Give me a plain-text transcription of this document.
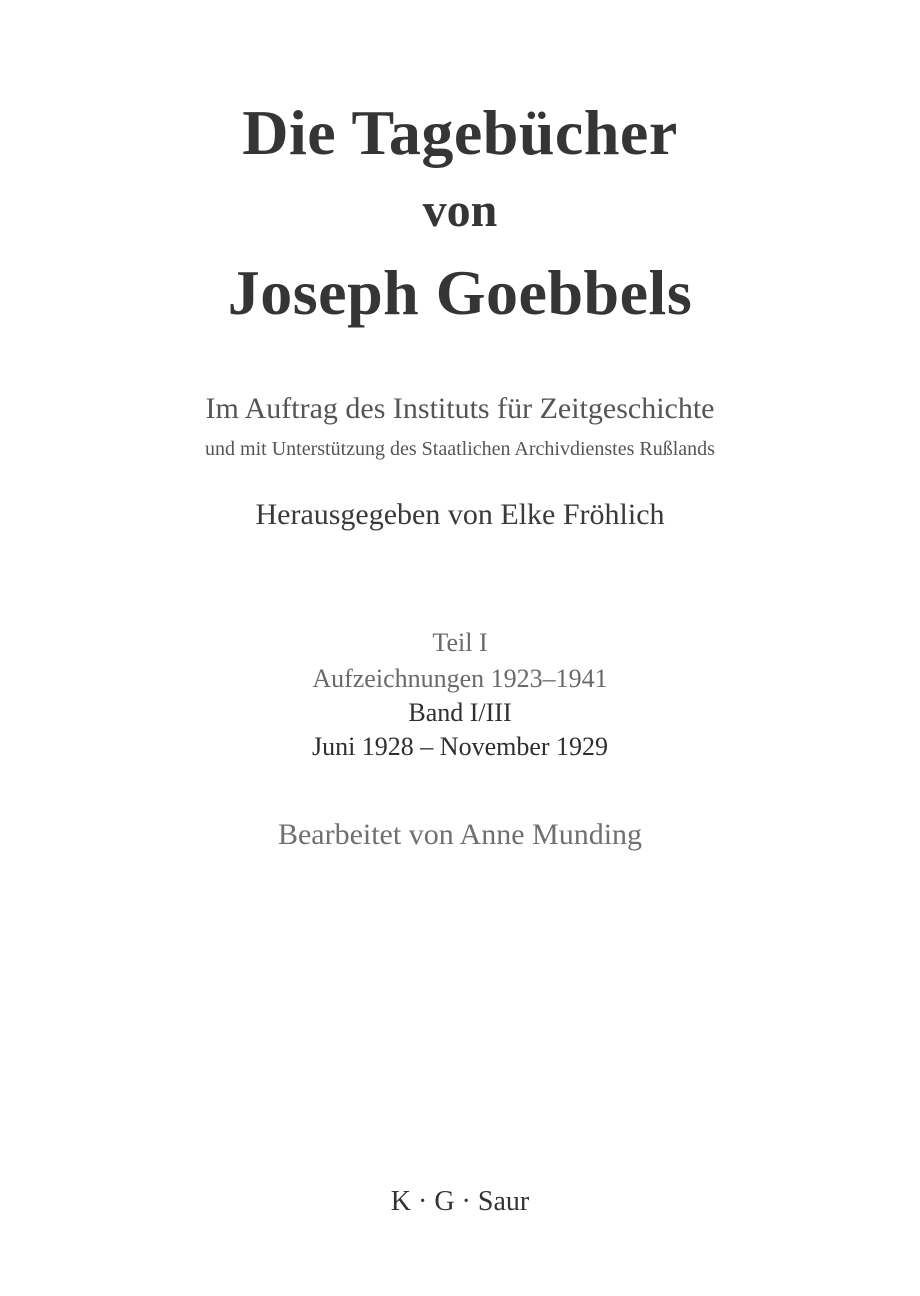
Die Tagebücher
von
Joseph Goebbels
Im Auftrag des Instituts für Zeitgeschichte
und mit Unterstützung des Staatlichen Archivdienstes Rußlands
Herausgegeben von Elke Fröhlich
Teil I
Aufzeichnungen 1923–1941
Band I/III
Juni 1928 – November 1929
Bearbeitet von Anne Munding
K · G · Saur
